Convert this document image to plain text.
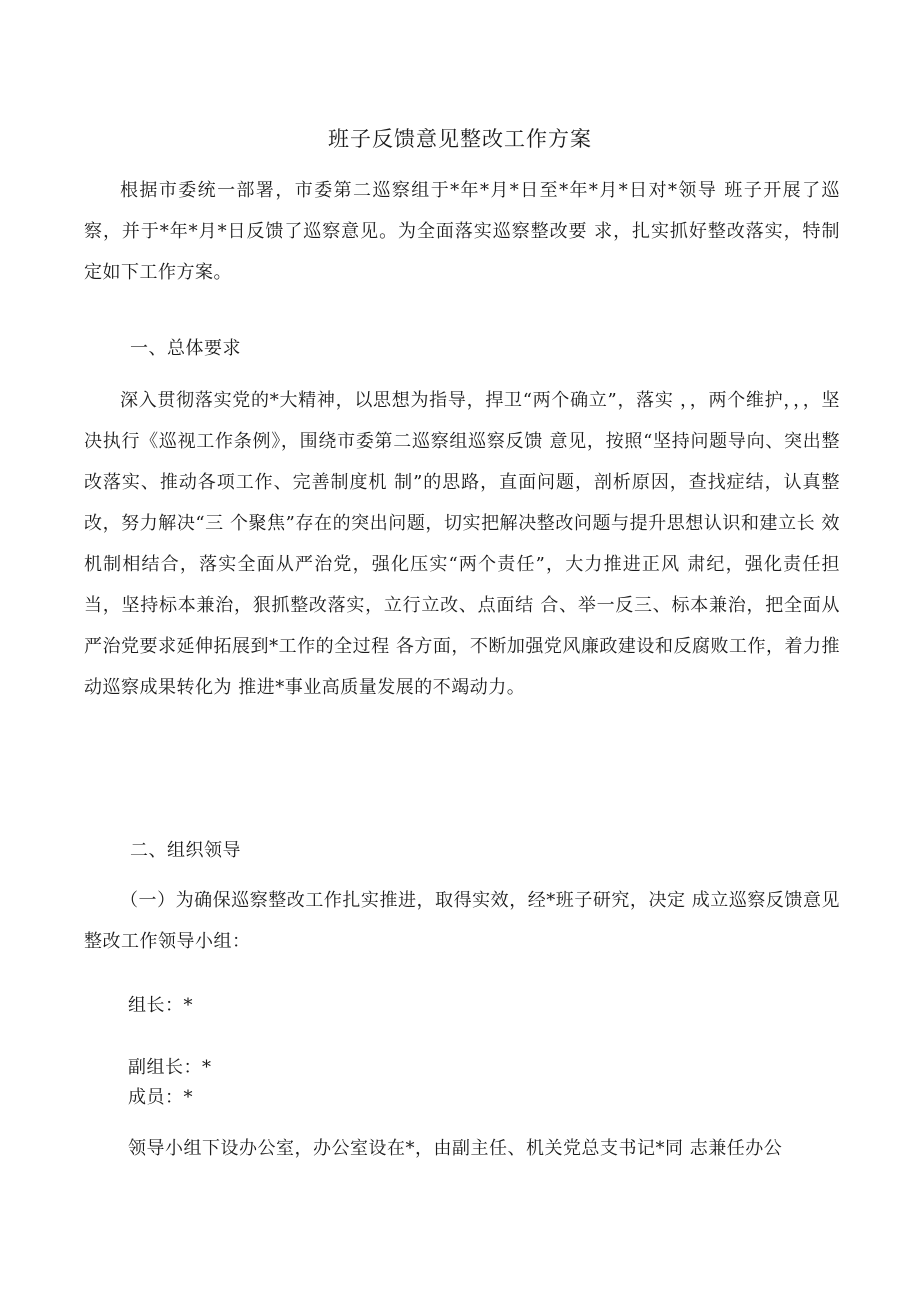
班子反馈意见整改工作方案

根据市委统一部署，市委第二巡察组于*年*月*日至*年*月*日对*领导 班子开展了巡察，并于*年*月*日反馈了巡察意见。为全面落实巡察整改要 求，扎实抓好整改落实，特制定如下工作方案。

一、总体要求

深入贯彻落实党的*大精神，以思想为指导，捍卫“两个确立”，落实 ，，两个维护，，，坚决执行《巡视工作条例》，围绕市委第二巡察组巡察反馈 意见，按照“坚持问题导向、突出整改落实、推动各项工作、完善制度机 制”的思路，直面问题，剖析原因，查找症结，认真整改，努力解决“三 个聚焦”存在的突出问题，切实把解决整改问题与提升思想认识和建立长 效机制相结合，落实全面从严治党，强化压实“两个责任”，大力推进正风 肃纪，强化责任担当，坚持标本兼治，狠抓整改落实，立行立改、点面结 合、举一反三、标本兼治，把全面从严治党要求延伸拓展到*工作的全过程 各方面，不断加强党风廉政建设和反腐败工作，着力推动巡察成果转化为 推进*事业高质量发展的不竭动力。

二、组织领导

（一）为确保巡察整改工作扎实推进，取得实效，经*班子研究，决定 成立巡察反馈意见整改工作领导小组：

组长：*

副组长：*

成员：*

领导小组下设办公室，办公室设在*，由副主任、机关党总支书记*同 志兼任办公
